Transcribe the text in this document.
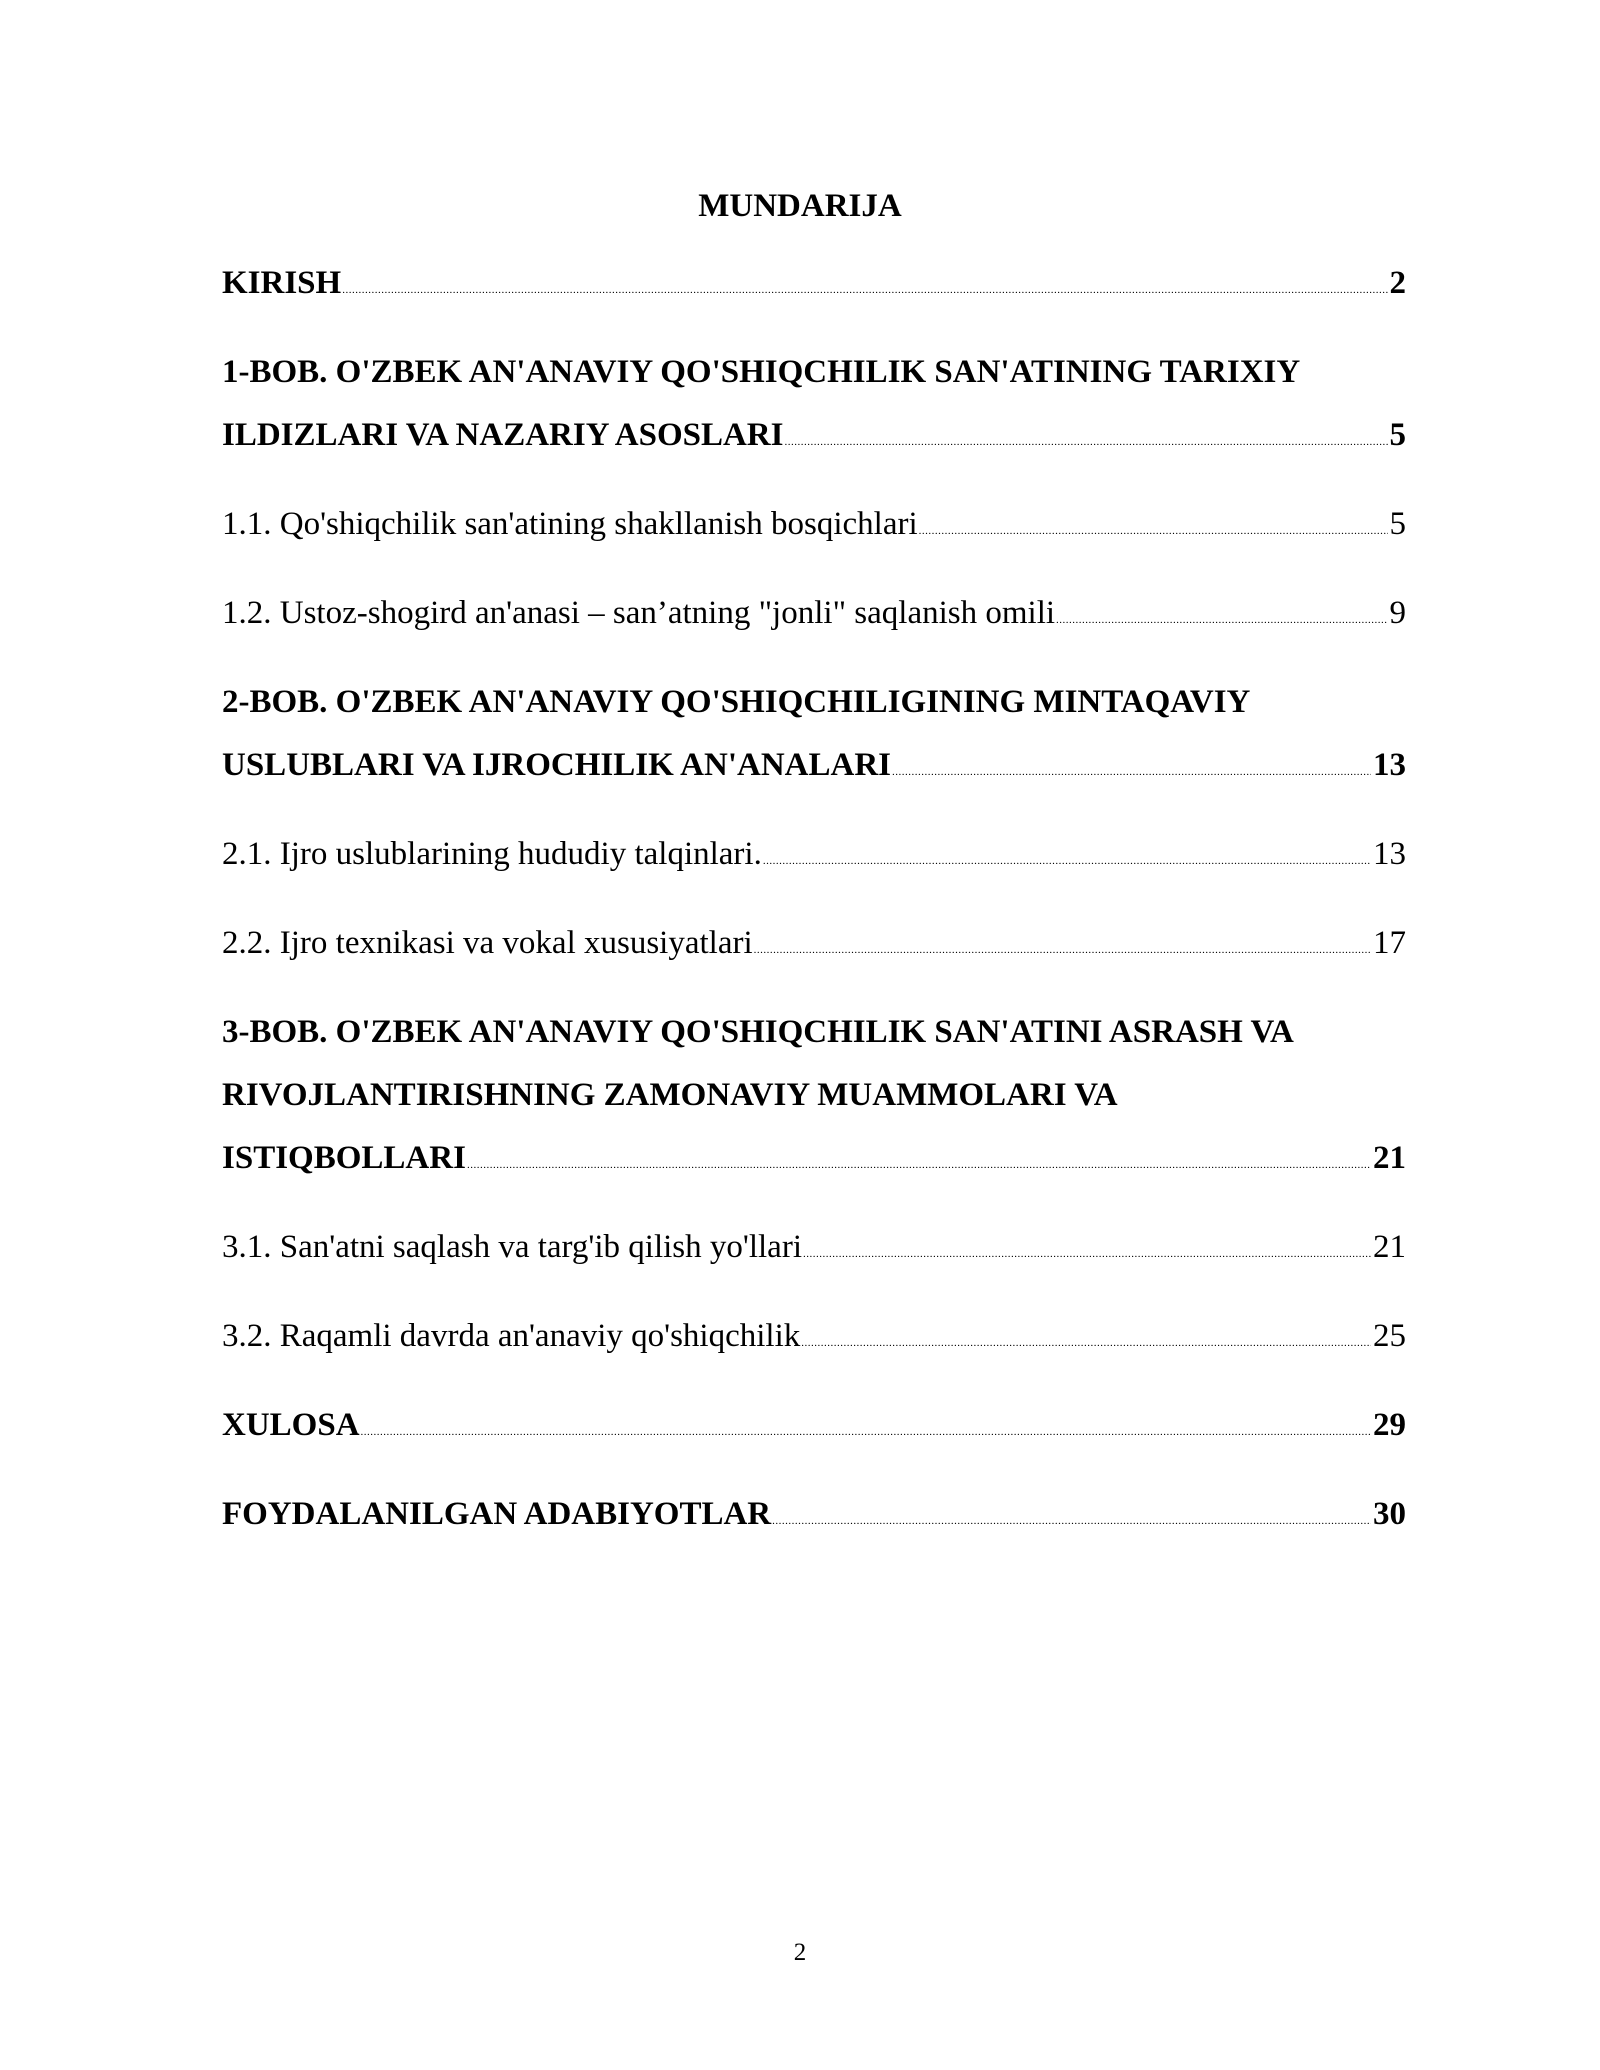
MUNDARIJA
KIRISH .....	2
1-BOB. O'ZBEK AN'ANAVIY QO'SHIQCHILIK SAN'ATINING TARIXIY
ILDIZLARI VA NAZARIY ASOSLARI .....	5
1.1. Qo'shiqchilik san'atining shakllanish bosqichlari .....	5
1.2. Ustoz-shogird an'anasi – san’atning "jonli" saqlanish omili .....	9
2-BOB. O'ZBEK AN'ANAVIY QO'SHIQCHILIGINING MINTAQAVIY
USLUBLARI VA IJROCHILIK AN'ANALARI .....	13
2.1. Ijro uslublarining hududiy talqinlari. .....	13
2.2. Ijro texnikasi va vokal xususiyatlari .....	17
3-BOB. O'ZBEK AN'ANAVIY QO'SHIQCHILIK SAN'ATINI ASRASH VA
RIVOJLANTIRISHNING ZAMONAVIY MUAMMOLARI VA
ISTIQBOLLARI .....	21
3.1. San'atni saqlash va targ'ib qilish yo'llari .....	21
3.2. Raqamli davrda an'anaviy qo'shiqchilik .....	25
XULOSA .....	29
FOYDALANILGAN ADABIYOTLAR .....	30
2
